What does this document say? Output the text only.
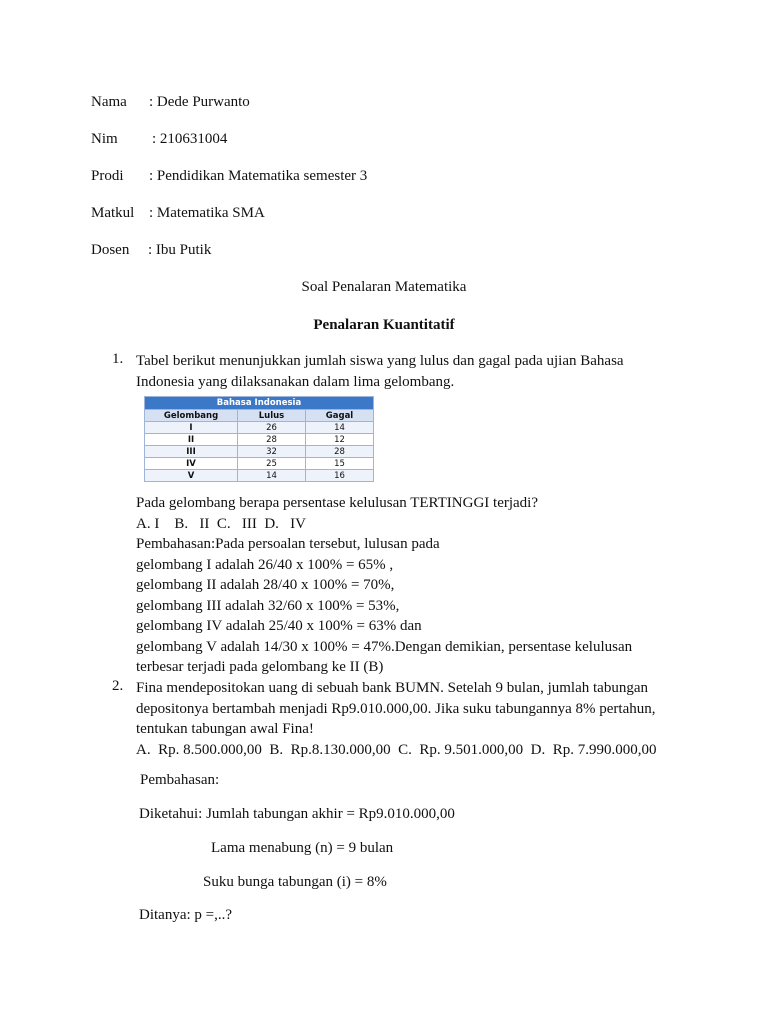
Nama : Dede Purwanto
Nim : 210631004
Prodi : Pendidikan Matematika semester 3
Matkul : Matematika SMA
Dosen : Ibu Putik
Soal Penalaran Matematika
Penalaran Kuantitatif
1. Tabel berikut menunjukkan jumlah siswa yang lulus dan gagal pada ujian Bahasa
Indonesia yang dilaksanakan dalam lima gelombang.
Bahasa Indonesia		
Gelombang	Lulus	Gagal
I	26	14
II	28	12
III	32	28
IV	25	15
V	14	16
Pada gelombang berapa persentase kelulusan TERTINGGI terjadi?
A. I    B.   II  C.   III  D.   IV
Pembahasan:Pada persoalan tersebut, lulusan pada
gelombang I adalah 26/40 x 100% = 65% ,
gelombang II adalah 28/40 x 100% = 70%,
gelombang III adalah 32/60 x 100% = 53%,
gelombang IV adalah 25/40 x 100% = 63% dan
gelombang V adalah 14/30 x 100% = 47%.Dengan demikian, persentase kelulusan
terbesar terjadi pada gelombang ke II (B)
2. Fina mendepositokan uang di sebuah bank BUMN. Setelah 9 bulan, jumlah tabungan
depositonya bertambah menjadi Rp9.010.000,00. Jika suku tabungannya 8% pertahun,
tentukan tabungan awal Fina!
A.  Rp. 8.500.000,00  B.  Rp.8.130.000,00  C.  Rp. 9.501.000,00  D.  Rp. 7.990.000,00
Pembahasan:
Diketahui: Jumlah tabungan akhir = Rp9.010.000,00
Lama menabung (n) = 9 bulan
Suku bunga tabungan (i) = 8%
Ditanya: p =,..?
